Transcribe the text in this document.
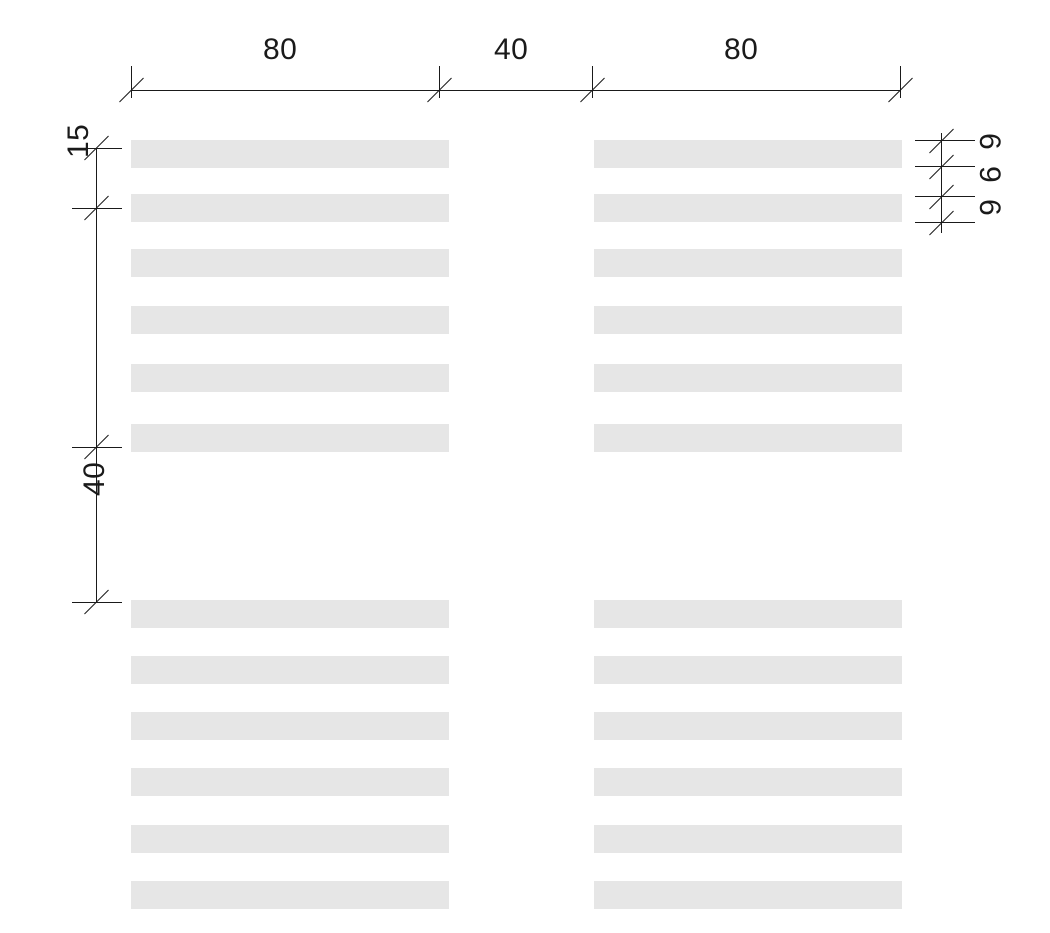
80	40	80
15
40
6
9
6
